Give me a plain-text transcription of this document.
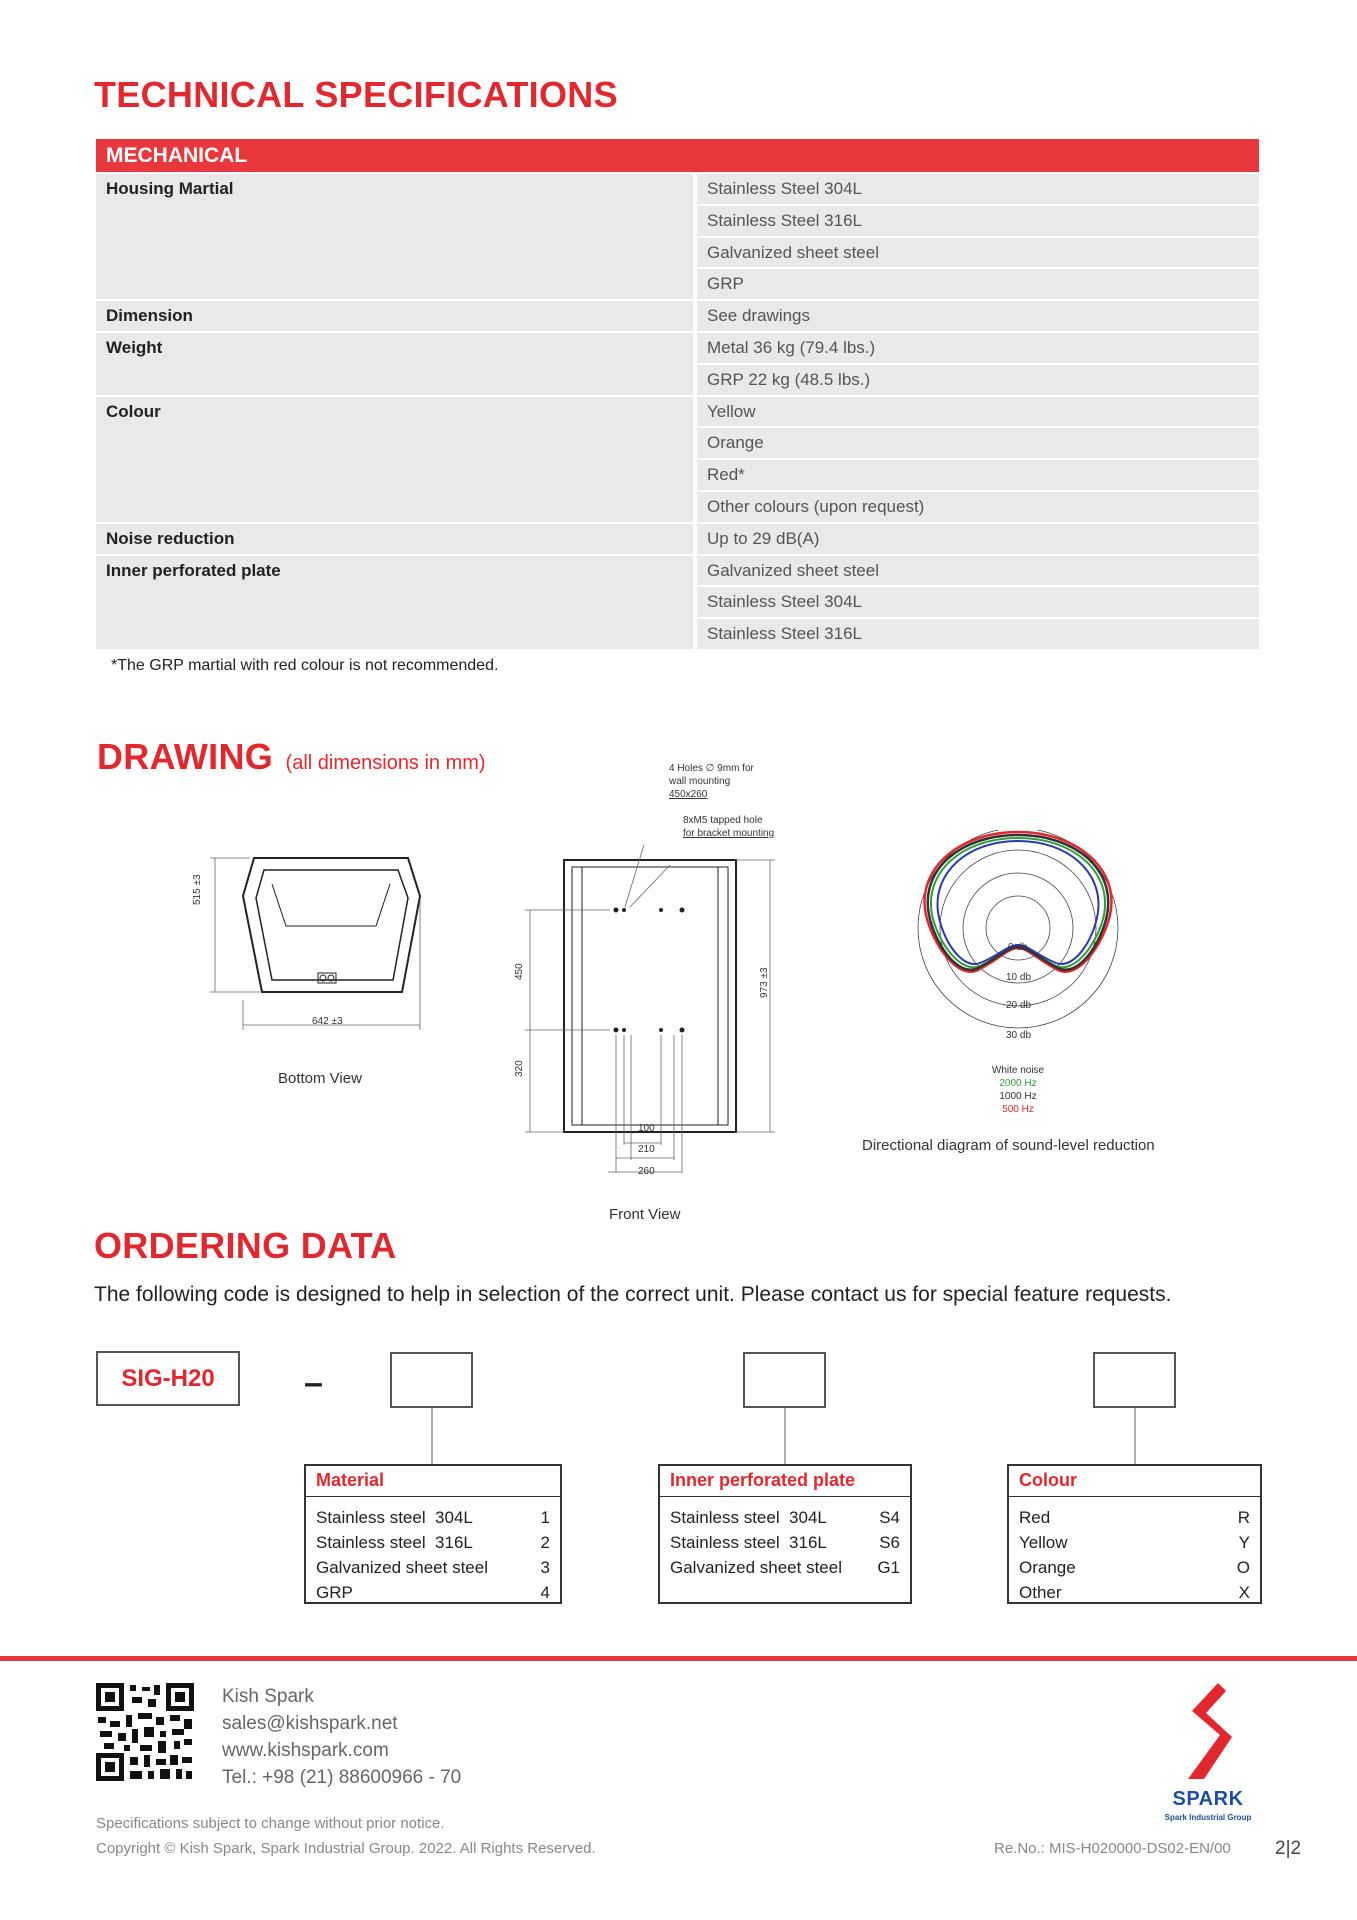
TECHNICAL SPECIFICATIONS
MECHANICAL
Housing Martial	Stainless Steel 304L
Stainless Steel 316L
Galvanized sheet steel
GRP
Dimension	See drawings
Weight	Metal 36 kg (79.4 lbs.)
GRP 22 kg (48.5 lbs.)
Colour	Yellow
Orange
Red*
Other colours (upon request)
Noise reduction	Up to 29 dB(A)
Inner perforated plate	Galvanized sheet steel
Stainless Steel 304L
Stainless Steel 316L
*The GRP martial with red colour is not recommended.
DRAWING (all dimensions in mm)
515 ±3
642 ±3
Bottom View
4 Holes ∅ 9mm for
wall mounting
450x260
8xM5 tapped hole
for bracket mounting
450
320
973 ±3
100
210
260
Front View
0 db
10 db
20 db
30 db
White noise
2000 Hz
1000 Hz
500 Hz
Directional diagram of sound-level reduction
ORDERING DATA
The following code is designed to help in selection of the correct unit. Please contact us for special feature requests.
SIG-H20	–
Material
Stainless steel  304L	1
Stainless steel  316L	2
Galvanized sheet steel	3
GRP	4
Inner perforated plate
Stainless steel  304L	S4
Stainless steel  316L	S6
Galvanized sheet steel G1
Colour
Red	R
Yellow	Y
Orange	O
Other	X
Kish Spark
sales@kishspark.net
www.kishspark.com
Tel.: +98 (21) 88600966 - 70
Specifications subject to change without prior notice.
Copyright © Kish Spark, Spark Industrial Group. 2022. All Rights Reserved.	Re.No.: MIS-H020000-DS02-EN/00 2|2
SPARK
Spark Industrial Group
